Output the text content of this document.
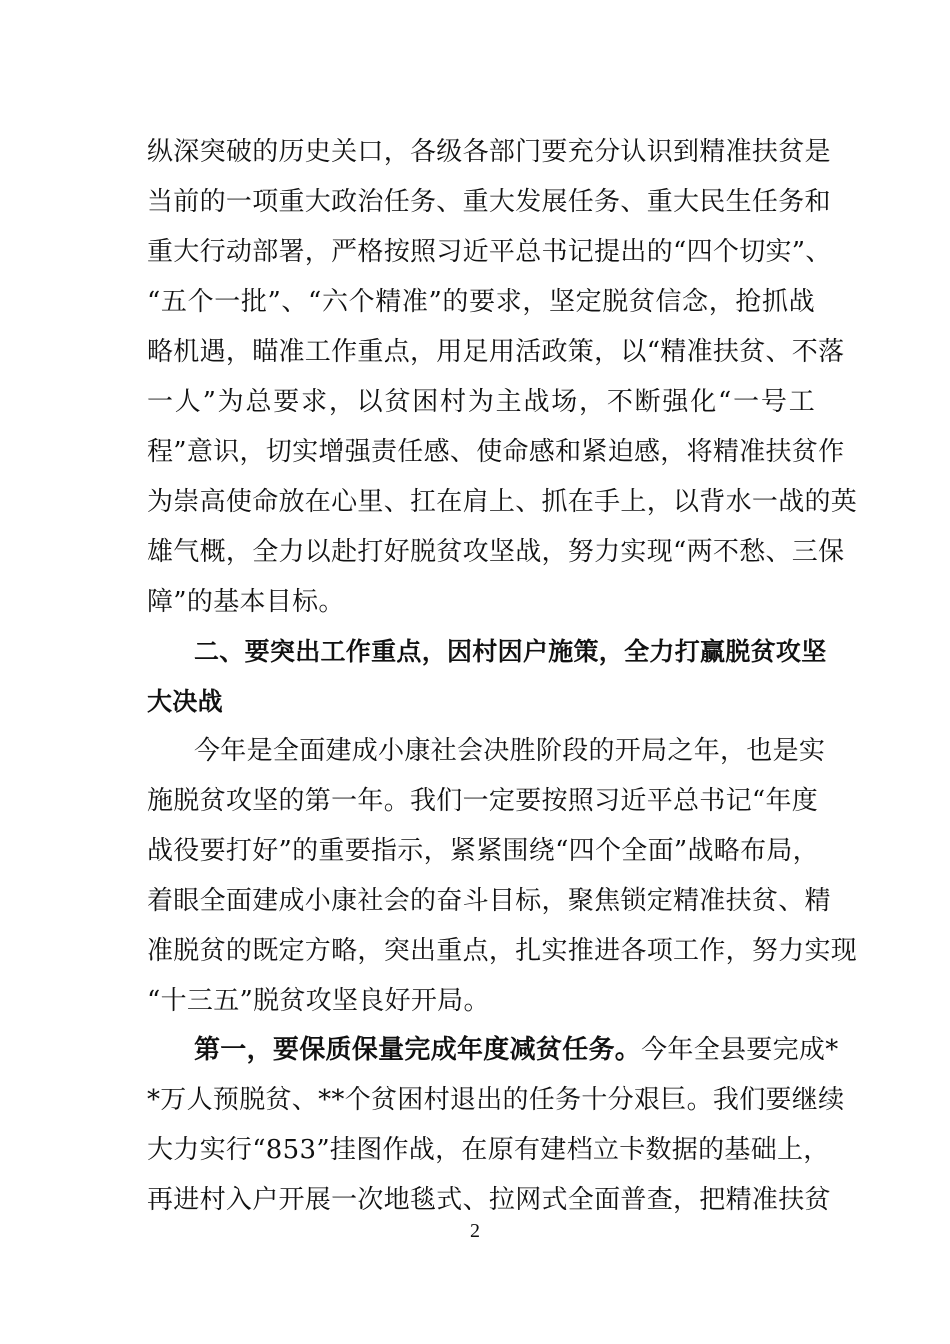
纵深突破的历史关口，各级各部门要充分认识到精准扶贫是
当前的一项重大政治任务、重大发展任务、重大民生任务和
重大行动部署，严格按照习近平总书记提出的“四个切实”、
“五个一批”、“六个精准”的要求，坚定脱贫信念，抢抓战
略机遇，瞄准工作重点，用足用活政策，以“精准扶贫、不落
一人”为总要求，以贫困村为主战场，不断强化“一号工
程”意识，切实增强责任感、使命感和紧迫感，将精准扶贫作
为崇高使命放在心里、扛在肩上、抓在手上，以背水一战的英
雄气概，全力以赴打好脱贫攻坚战，努力实现“两不愁、三保
障”的基本目标。
二、要突出工作重点，因村因户施策，全力打赢脱贫攻坚
大决战
今年是全面建成小康社会决胜阶段的开局之年，也是实
施脱贫攻坚的第一年。我们一定要按照习近平总书记“年度
战役要打好”的重要指示，紧紧围绕“四个全面”战略布局，
着眼全面建成小康社会的奋斗目标，聚焦锁定精准扶贫、精
准脱贫的既定方略，突出重点，扎实推进各项工作，努力实现
“十三五”脱贫攻坚良好开局。
第一，要保质保量完成年度减贫任务。 今年全县要完成*
*万人预脱贫、**个贫困村退出的任务十分艰巨。我们要继续
大力实行“853”挂图作战，在原有建档立卡数据的基础上，
再进村入户开展一次地毯式、拉网式全面普查，把精准扶贫
2
